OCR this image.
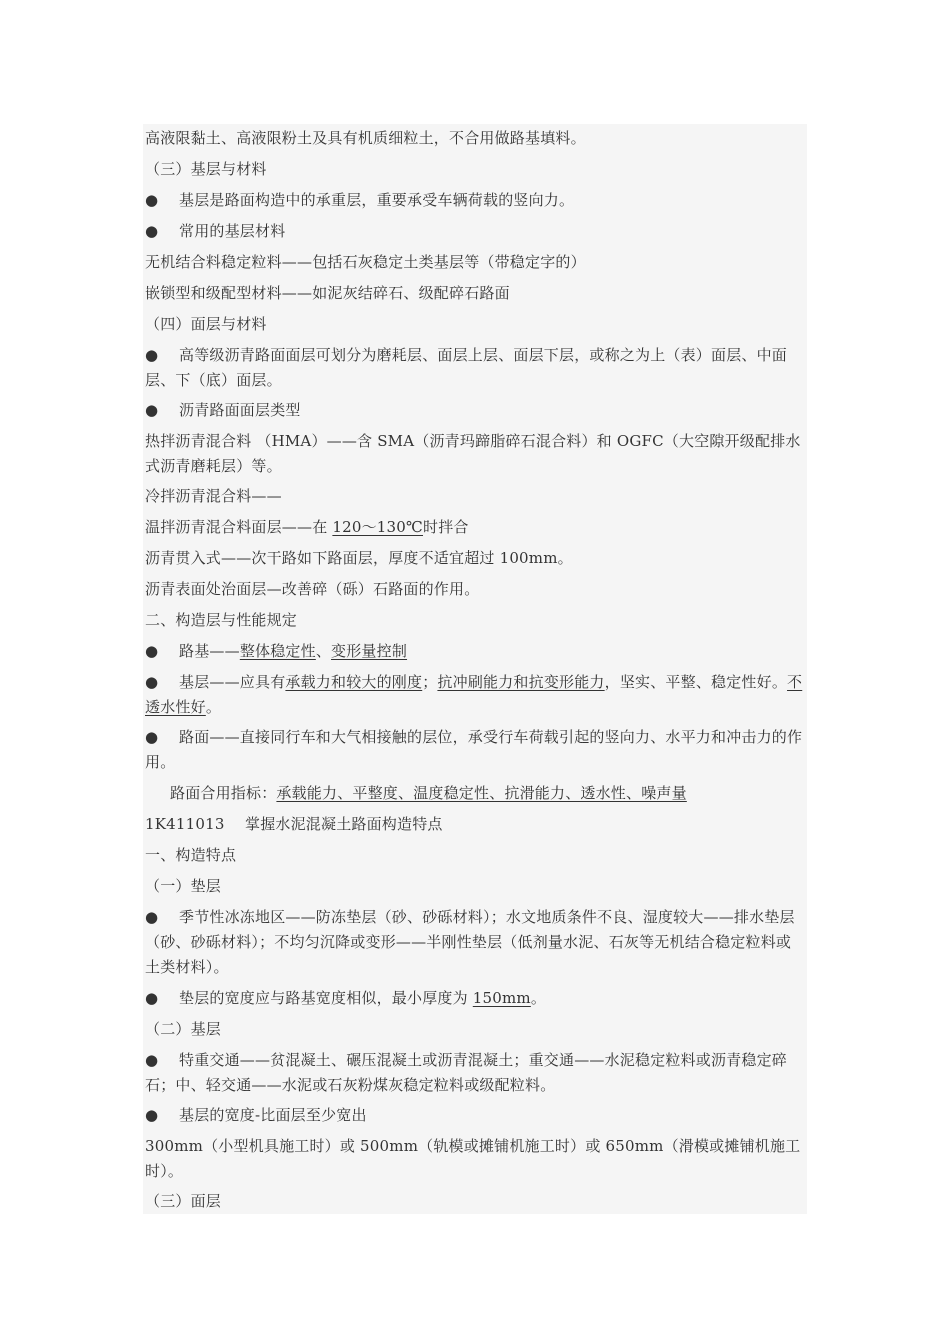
高液限黏土、高液限粉土及具有机质细粒土，不合用做路基填料。
（三）基层与材料
● 基层是路面构造中的承重层，重要承受车辆荷载的竖向力。
● 常用的基层材料
无机结合料稳定粒料——包括石灰稳定土类基层等（带稳定字的）
嵌锁型和级配型材料——如泥灰结碎石、级配碎石路面
（四）面层与材料
● 高等级沥青路面面层可划分为磨耗层、面层上层、面层下层，或称之为上（表）面层、中面层、下（底）面层。
● 沥青路面面层类型
热拌沥青混合料 （HMA）——含 SMA（沥青玛蹄脂碎石混合料）和 OGFC（大空隙开级配排水式沥青磨耗层）等。
冷拌沥青混合料——
温拌沥青混合料面层——在 120～130℃时拌合
沥青贯入式——次干路如下路面层，厚度不适宜超过 100mm。
沥青表面处治面层—改善碎（砾）石路面的作用。
二、构造层与性能规定
● 路基——整体稳定性、变形量控制
● 基层——应具有承载力和较大的刚度；抗冲刷能力和抗变形能力，坚实、平整、稳定性好。不透水性好。
● 路面——直接同行车和大气相接触的层位，承受行车荷载引起的竖向力、水平力和冲击力的作用。
路面合用指标：承载能力、平整度、温度稳定性、抗滑能力、透水性、噪声量
1K411013 掌握水泥混凝土路面构造特点
一、构造特点
（一）垫层
● 季节性冰冻地区——防冻垫层（砂、砂砾材料）；水文地质条件不良、湿度较大——排水垫层（砂、砂砾材料）；不均匀沉降或变形——半刚性垫层（低剂量水泥、石灰等无机结合稳定粒料或土类材料）。
● 垫层的宽度应与路基宽度相似，最小厚度为 150mm。
（二）基层
● 特重交通——贫混凝土、碾压混凝土或沥青混凝土；重交通——水泥稳定粒料或沥青稳定碎石；中、轻交通——水泥或石灰粉煤灰稳定粒料或级配粒料。
● 基层的宽度-比面层至少宽出
300mm（小型机具施工时）或 500mm（轨模或摊铺机施工时）或 650mm（滑模或摊铺机施工时）。
（三）面层
